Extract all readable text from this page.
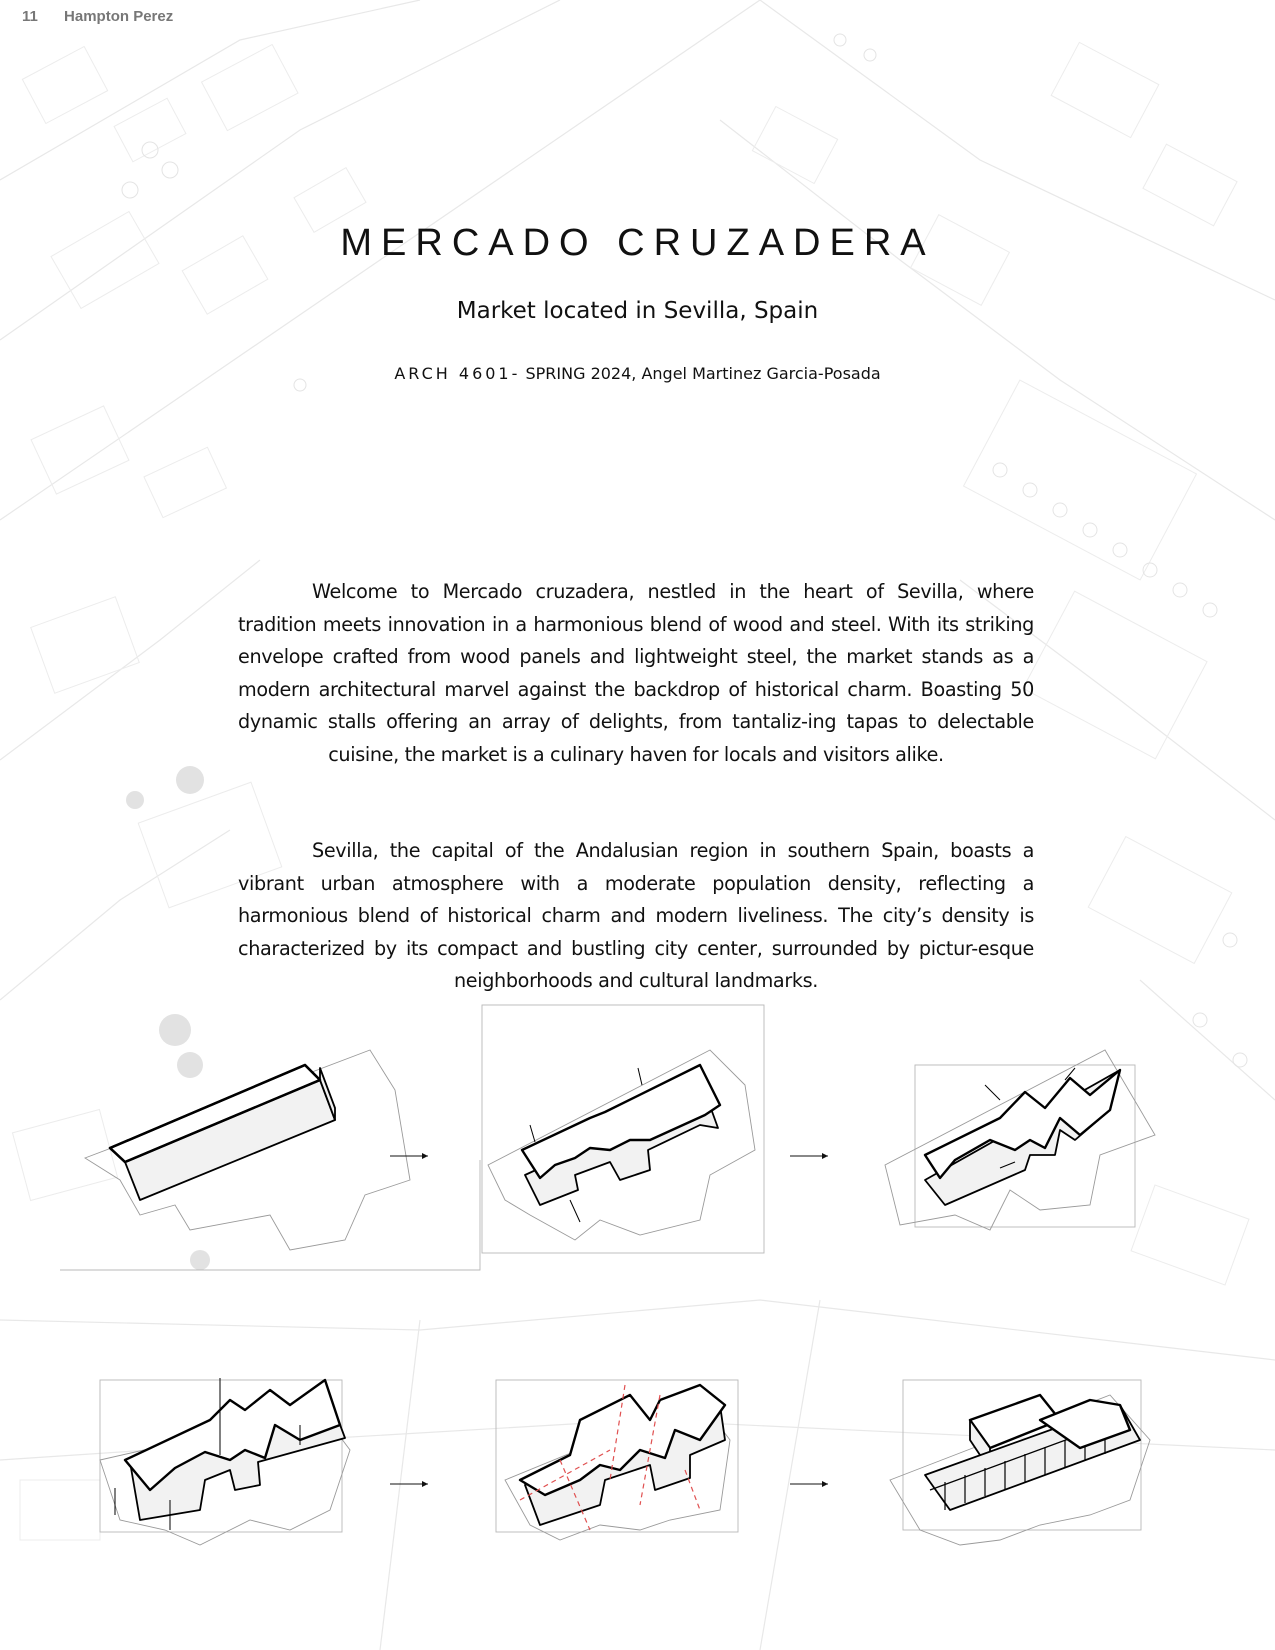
11 Hampton Perez
MERCADO CRUZADERA
Market located in Sevilla, Spain
ARCH 4601- SPRING 2024, Angel Martinez Garcia-Posada
Welcome to Mercado cruzadera, nestled in the heart of Sevilla, where tradition meets innovation in a harmonious blend of wood and steel. With its striking envelope crafted from wood panels and lightweight steel, the market stands as a modern architectural marvel against the backdrop of historical charm. Boasting 50 dynamic stalls offering an array of delights, from tantaliz-ing tapas to delectable cuisine, the market is a culinary haven for locals and visitors alike.
Sevilla, the capital of the Andalusian region in southern Spain, boasts a vibrant urban atmosphere with a moderate population density, reflecting a harmonious blend of historical charm and modern liveliness. The city’s density is characterized by its compact and bustling city center, surrounded by pictur-esque neighborhoods and cultural landmarks.
